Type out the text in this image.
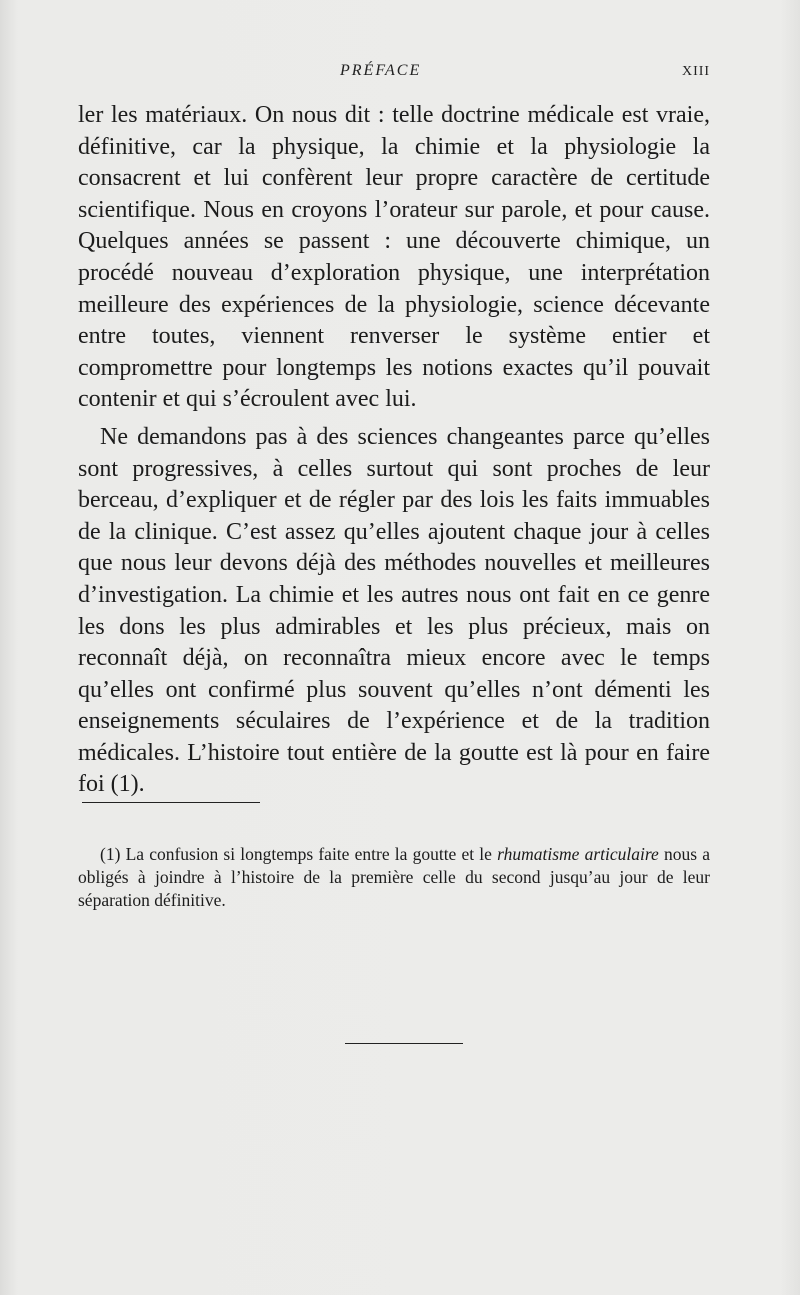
PRÉFACE	XIII

ler les matériaux. On nous dit : telle doctrine médicale est vraie, définitive, car la physique, la chimie et la physiologie la consacrent et lui confèrent leur propre caractère de certitude scientifique. Nous en croyons l’orateur sur parole, et pour cause. Quelques années se passent : une découverte chimique, un procédé nouveau d’exploration physique, une interprétation meilleure des expériences de la physiologie, science décevante entre toutes, viennent renverser le système entier et compromettre pour longtemps les notions exactes qu’il pouvait contenir et qui s’écroulent avec lui.

Ne demandons pas à des sciences changeantes parce qu’elles sont progressives, à celles surtout qui sont proches de leur berceau, d’expliquer et de régler par des lois les faits immuables de la clinique. C’est assez qu’elles ajoutent chaque jour à celles que nous leur devons déjà des méthodes nouvelles et meilleures d’investigation. La chimie et les autres nous ont fait en ce genre les dons les plus admirables et les plus précieux, mais on reconnaît déjà, on reconnaîtra mieux encore avec le temps qu’elles ont confirmé plus souvent qu’elles n’ont démenti les enseignements séculaires de l’expérience et de la tradition médicales. L’histoire tout entière de la goutte est là pour en faire foi (1).

(1) La confusion si longtemps faite entre la goutte et le rhumatisme articulaire nous a obligés à joindre à l’histoire de la première celle du second jusqu’au jour de leur séparation définitive.
